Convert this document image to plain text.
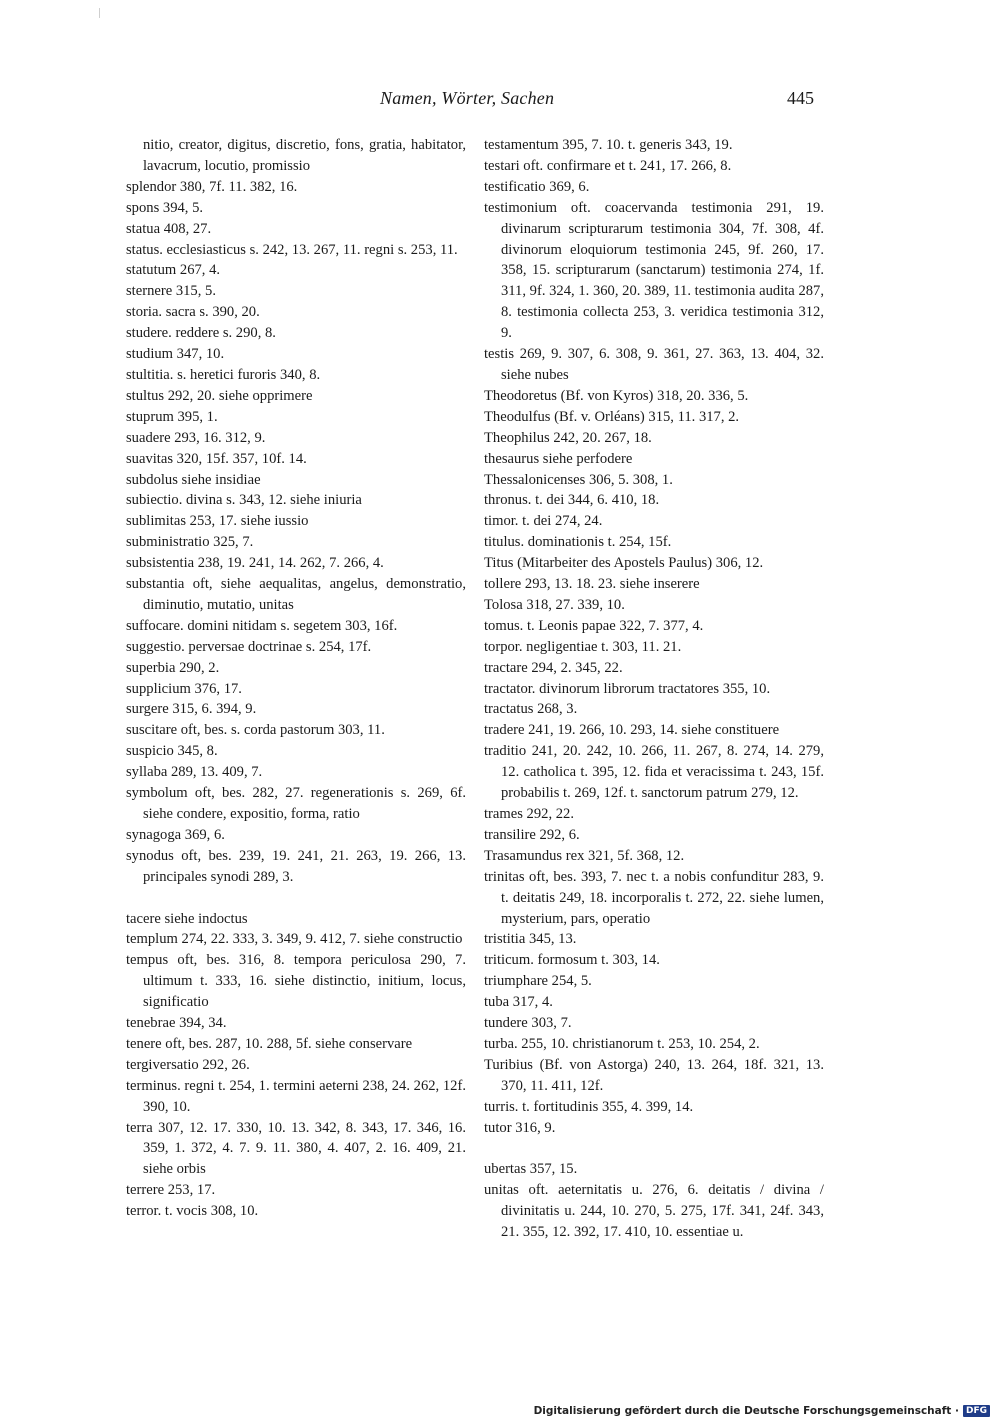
Namen, Wörter, Sachen	445
nitio, creator, digitus, discretio, fons, gratia, habitator, lavacrum, locutio, promissio
splendor 380, 7f. 11. 382, 16.
spons 394, 5.
statua 408, 27.
status. ecclesiasticus s. 242, 13. 267, 11. regni s. 253, 11.
statutum 267, 4.
sternere 315, 5.
storia. sacra s. 390, 20.
studere. reddere s. 290, 8.
studium 347, 10.
stultitia. s. heretici furoris 340, 8.
stultus 292, 20. siehe opprimere
stuprum 395, 1.
suadere 293, 16. 312, 9.
suavitas 320, 15f. 357, 10f. 14.
subdolus siehe insidiae
subiectio. divina s. 343, 12. siehe iniuria
sublimitas 253, 17. siehe iussio
subministratio 325, 7.
subsistentia 238, 19. 241, 14. 262, 7. 266, 4.
substantia oft, siehe aequalitas, angelus, demonstratio, diminutio, mutatio, unitas
suffocare. domini nitidam s. segetem 303, 16f.
suggestio. perversae doctrinae s. 254, 17f.
superbia 290, 2.
supplicium 376, 17.
surgere 315, 6. 394, 9.
suscitare oft, bes. s. corda pastorum 303, 11.
suspicio 345, 8.
syllaba 289, 13. 409, 7.
symbolum oft, bes. 282, 27. regenerationis s. 269, 6f. siehe condere, expositio, forma, ratio
synagoga 369, 6.
synodus oft, bes. 239, 19. 241, 21. 263, 19. 266, 13. principales synodi 289, 3.
tacere siehe indoctus
templum 274, 22. 333, 3. 349, 9. 412, 7. siehe constructio
tempus oft, bes. 316, 8. tempora periculosa 290, 7. ultimum t. 333, 16. siehe distinctio, initium, locus, significatio
tenebrae 394, 34.
tenere oft, bes. 287, 10. 288, 5f. siehe conservare
tergiversatio 292, 26.
terminus. regni t. 254, 1. termini aeterni 238, 24. 262, 12f. 390, 10.
terra 307, 12. 17. 330, 10. 13. 342, 8. 343, 17. 346, 16. 359, 1. 372, 4. 7. 9. 11. 380, 4. 407, 2. 16. 409, 21. siehe orbis
terrere 253, 17.
terror. t. vocis 308, 10.
testamentum 395, 7. 10. t. generis 343, 19.
testari oft. confirmare et t. 241, 17. 266, 8.
testificatio 369, 6.
testimonium oft. coacervanda testimonia 291, 19. divinarum scripturarum testimonia 304, 7f. 308, 4f. divinorum eloquiorum testimonia 245, 9f. 260, 17. 358, 15. scripturarum (sanctarum) testimonia 274, 1f. 311, 9f. 324, 1. 360, 20. 389, 11. testimonia audita 287, 8. testimonia collecta 253, 3. veridica testimonia 312, 9.
testis 269, 9. 307, 6. 308, 9. 361, 27. 363, 13. 404, 32. siehe nubes
Theodoretus (Bf. von Kyros) 318, 20. 336, 5.
Theodulfus (Bf. v. Orléans) 315, 11. 317, 2.
Theophilus 242, 20. 267, 18.
thesaurus siehe perfodere
Thessalonicenses 306, 5. 308, 1.
thronus. t. dei 344, 6. 410, 18.
timor. t. dei 274, 24.
titulus. dominationis t. 254, 15f.
Titus (Mitarbeiter des Apostels Paulus) 306, 12.
tollere 293, 13. 18. 23. siehe inserere
Tolosa 318, 27. 339, 10.
tomus. t. Leonis papae 322, 7. 377, 4.
torpor. negligentiae t. 303, 11. 21.
tractare 294, 2. 345, 22.
tractator. divinorum librorum tractatores 355, 10.
tractatus 268, 3.
tradere 241, 19. 266, 10. 293, 14. siehe constituere
traditio 241, 20. 242, 10. 266, 11. 267, 8. 274, 14. 279, 12. catholica t. 395, 12. fida et veracissima t. 243, 15f. probabilis t. 269, 12f. t. sanctorum patrum 279, 12.
trames 292, 22.
transilire 292, 6.
Trasamundus rex 321, 5f. 368, 12.
trinitas oft, bes. 393, 7. nec t. a nobis confunditur 283, 9. t. deitatis 249, 18. incorporalis t. 272, 22. siehe lumen, mysterium, pars, operatio
tristitia 345, 13.
triticum. formosum t. 303, 14.
triumphare 254, 5.
tuba 317, 4.
tundere 303, 7.
turba. 255, 10. christianorum t. 253, 10. 254, 2.
Turibius (Bf. von Astorga) 240, 13. 264, 18f. 321, 13. 370, 11. 411, 12f.
turris. t. fortitudinis 355, 4. 399, 14.
tutor 316, 9.
ubertas 357, 15.
unitas oft. aeternitatis u. 276, 6. deitatis / divina / divinitatis u. 244, 10. 270, 5. 275, 17f. 341, 24f. 343, 21. 355, 12. 392, 17. 410, 10. essentiae u.
Digitalisierung gefördert durch die Deutsche Forschungsgemeinschaft · DFG
